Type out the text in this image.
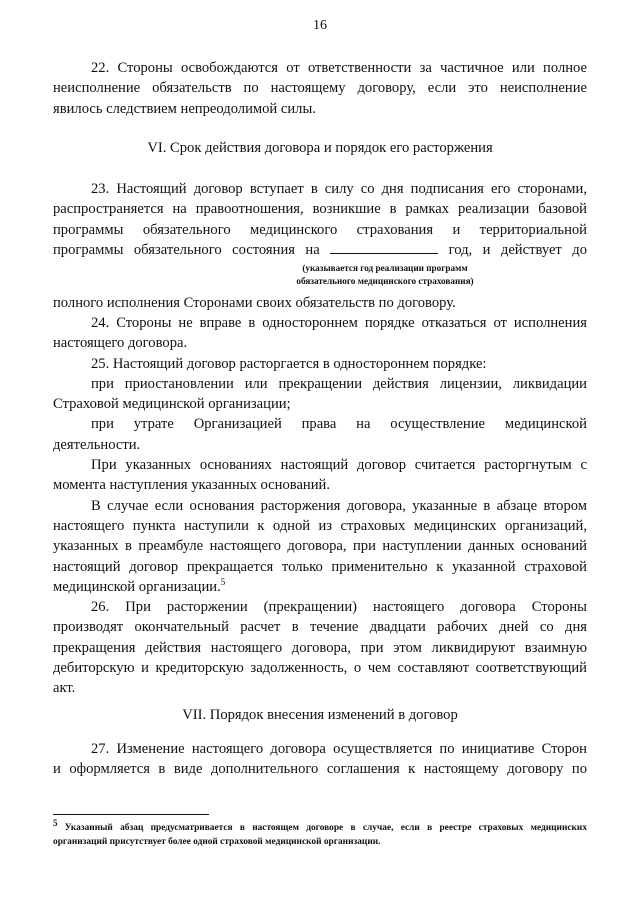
16
22. Стороны освобождаются от ответственности за частичное или полное
неисполнение обязательств по настоящему договору, если это неисполнение
явилось следствием непреодолимой силы.
VI. Срок действия договора и порядок его расторжения
23. Настоящий договор вступает в силу со дня подписания его сторонами,
распространяется на правоотношения, возникшие в рамках реализации базовой
программы обязательного медицинского страхования и территориальной
программы обязательного состояния на	год, и действует до
(указывается год реализации программ
обязательного медицинского страхования)
полного исполнения Сторонами своих обязательств по договору.
24. Стороны не вправе в одностороннем порядке отказаться от исполнения
настоящего договора.
25. Настоящий договор расторгается в одностороннем порядке:
при приостановлении или прекращении действия лицензии, ликвидации
Страховой медицинской организации;
при утрате Организацией права на осуществление медицинской
деятельности.
При указанных основаниях настоящий договор считается расторгнутым с
момента наступления указанных оснований.
В случае если основания расторжения договора, указанные в абзаце втором
настоящего пункта наступили к одной из страховых медицинских организаций,
указанных в преамбуле настоящего договора, при наступлении данных оснований
настоящий договор прекращается только применительно к указанной страховой
медицинской организации.$^5$
26. При расторжении (прекращении) настоящего договора Стороны
производят окончательный расчет в течение двадцати рабочих дней со дня
прекращения действия настоящего договора, при этом ликвидируют взаимную
дебиторскую и кредиторскую задолженность, о чем составляют соответствующий
акт.
VII. Порядок внесения изменений в договор
27. Изменение настоящего договора осуществляется по инициативе Сторон
и оформляется в виде дополнительного соглашения к настоящему договору по
$^5$ Указанный абзац предусматривается в настоящем договоре в случае, если в реестре страховых медицинских
организаций присутствует более одной страховой медицинской организации.
